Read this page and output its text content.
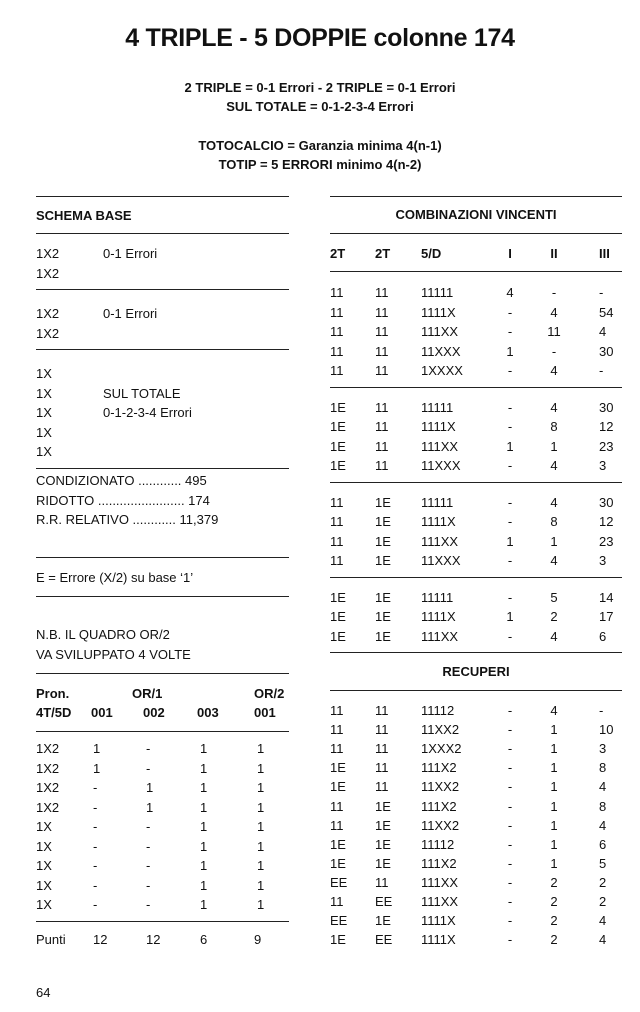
4 TRIPLE - 5 DOPPIE colonne 174
2 TRIPLE = 0-1 Errori - 2 TRIPLE = 0-1 Errori
SUL TOTALE = 0-1-2-3-4 Errori
TOTOCALCIO = Garanzia minima 4(n-1)
TOTIP = 5 ERRORI minimo 4(n-2)
SCHEMA BASE
1X2	0-1 Errori
1X2
1X2	0-1 Errori
1X2
1X
1X	SUL TOTALE
1X	0-1-2-3-4 Errori
1X
1X
CONDIZIONATO ............ 495
RIDOTTO ........................ 174
R.R. RELATIVO ............ 11,379
E = Errore (X/2) su base ‘1’
N.B. IL QUADRO OR/2
VA SVILUPPATO 4 VOLTE
Pron.	OR/1	OR/2
4T/5D 001 002 003	001
1X2	1	-	1	1
1X2	1	-	1	1
1X2	-	1	1	1
1X2	-	1	1	1
1X	-	-	1	1
1X	-	-	1	1
1X	-	-	1	1
1X	-	-	1	1
1X	-	-	1	1
Punti 12	12	6	9
COMBINAZIONI VINCENTI
2T 2T 5/D	I	II	III
11 11	11111	4	-	-
11 11	1111X	-	4	54
11 11	111XX	-	11	4
11 11	11XXX	1	-	30
11 11	1XXXX	-	4	-
1E 11	11111	-	4	30
1E 11	1111X	-	8	12
1E 11	111XX	1	1	23
1E 11	11XXX	-	4	3
11 1E 11111	-	4	30
11 1E 1111X	-	8	12
11 1E 111XX	1	1	23
11 1E 11XXX	-	4	3
1E 1E 11111	-	5	14
1E 1E 1111X	1	2	17
1E 1E 111XX	-	4	6
RECUPERI
11 11	11112	-	4	-
11 11	11XX2	-	1	10
11 11	1XXX2	-	1	3
1E 11	111X2	-	1	8
1E 11	11XX2	-	1	4
11 1E 111X2	-	1	8
11 1E 11XX2	-	1	4
1E 1E 11112	-	1	6
1E 1E 111X2	-	1	5
EE 11	111XX	-	2	2
11 EE 111XX	-	2	2
EE 1E 1111X	-	2	4
1E EE 1111X	-	2	4
64
